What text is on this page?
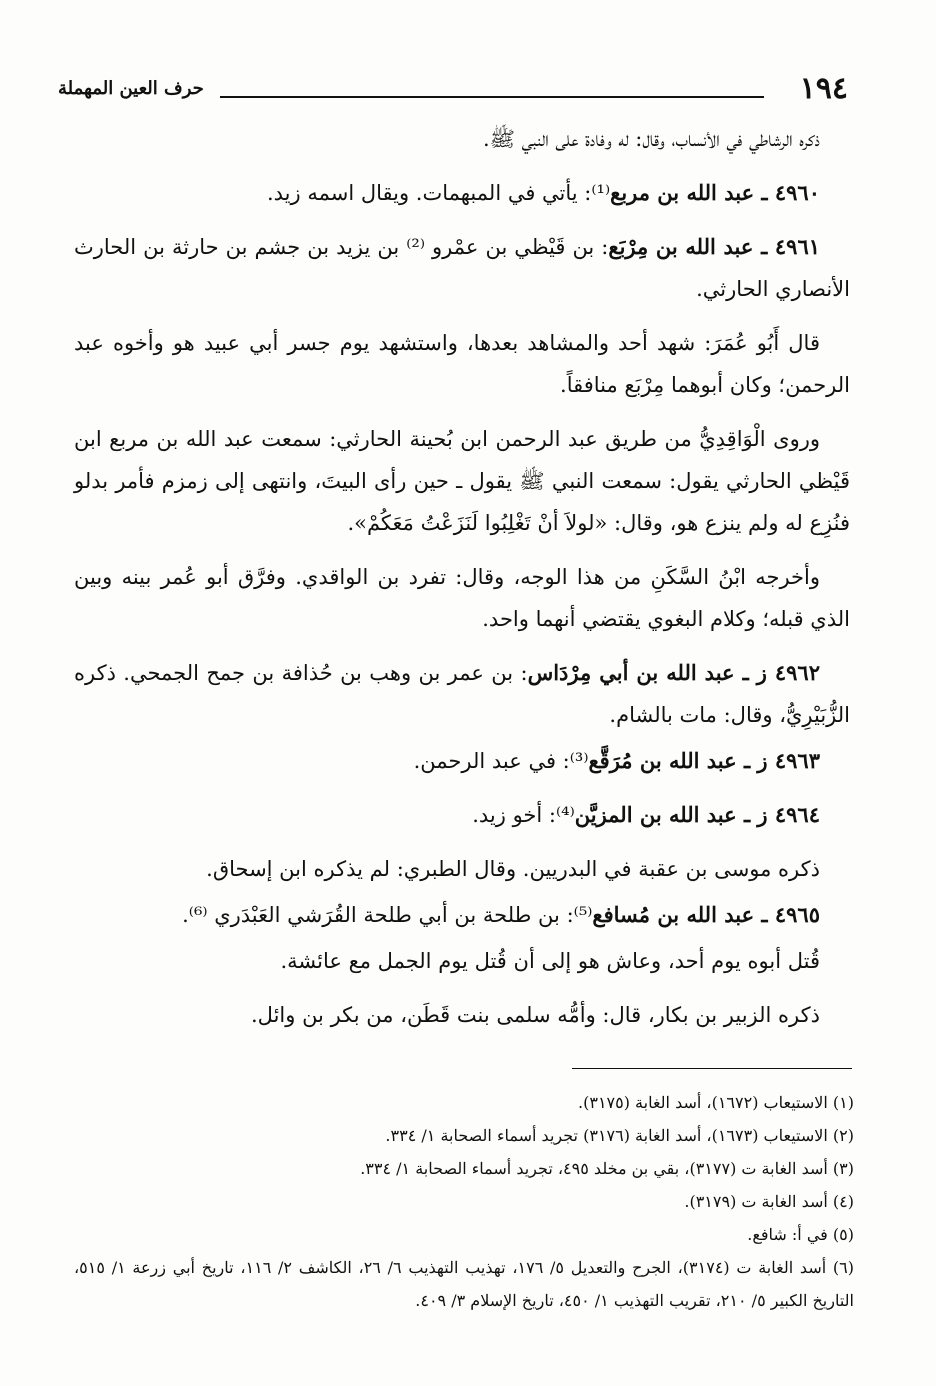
١٩٤
حرف العين المهملة

ذكره الرشاطي في الأنساب، وقال: له وفادة على النبي ﷺ.

٤٩٦٠ ـ عبد الله بن مربع⁽¹⁾: يأتي في المبهمات. ويقال اسمه زيد.

٤٩٦١ ـ عبد الله بن مِرْبَع: بن قَيْظي بن عمْرو ⁽²⁾ بن يزيد بن جشم بن حارثة بن الحارث الأنصاري الحارثي.

قال أَبُو عُمَرَ: شهد أحد والمشاهد بعدها، واستشهد يوم جسر أبي عبيد هو وأخوه عبد الرحمن؛ وكان أبوهما مِرْبَع منافقاً.

وروى الْوَاقِدِيُّ من طريق عبد الرحمن ابن بُحينة الحارثي: سمعت عبد الله بن مربع ابن قَيْظي الحارثي يقول: سمعت النبي ﷺ يقول ـ حين رأى البيتَ، وانتهى إلى زمزم فأمر بدلو فنُزِع له ولم ينزع هو، وقال: «لولاَ أنْ تَغْلِبُوا لَنَزَعْتُ مَعَكُمْ».

وأخرجه ابْنُ السَّكَنِ من هذا الوجه، وقال: تفرد بن الواقدي. وفرَّق أبو عُمر بينه وبين الذي قبله؛ وكلام البغوي يقتضي أنهما واحد.

٤٩٦٢ ز ـ عبد الله بن أبي مِرْدَاس: بن عمر بن وهب بن حُذافة بن جمح الجمحي. ذكره الزُّبَيْرِيُّ، وقال: مات بالشام.

٤٩٦٣ ز ـ عبد الله بن مُرَقَّع⁽³⁾: في عبد الرحمن.

٤٩٦٤ ز ـ عبد الله بن المزيَّن⁽⁴⁾: أخو زيد.

ذكره موسى بن عقبة في البدريين. وقال الطبري: لم يذكره ابن إسحاق.

٤٩٦٥ ـ عبد الله بن مُسافع⁽⁵⁾: بن طلحة بن أبي طلحة القُرَشي العَبْدَري ⁽⁶⁾.

قُتل أبوه يوم أحد، وعاش هو إلى أن قُتل يوم الجمل مع عائشة.

ذكره الزبير بن بكار، قال: وأمُّه سلمى بنت قَطَن، من بكر بن وائل.

(١) الاستيعاب (١٦٧٢)، أسد الغابة (٣١٧٥).

(٢) الاستيعاب (١٦٧٣)، أسد الغابة (٣١٧٦) تجريد أسماء الصحابة ١/ ٣٣٤.

(٣) أسد الغابة ت (٣١٧٧)، بقي بن مخلد ٤٩٥، تجريد أسماء الصحابة ١/ ٣٣٤.

(٤) أسد الغابة ت (٣١٧٩).

(٥) في أ: شافع.

(٦) أسد الغابة ت (٣١٧٤)، الجرح والتعديل ٥/ ١٧٦، تهذيب التهذيب ٦/ ٢٦، الكاشف ٢/ ١١٦، تاريخ أبي زرعة ١/ ٥١٥، التاريخ الكبير ٥/ ٢١٠، تقريب التهذيب ١/ ٤٥٠، تاريخ الإسلام ٣/ ٤٠٩.
